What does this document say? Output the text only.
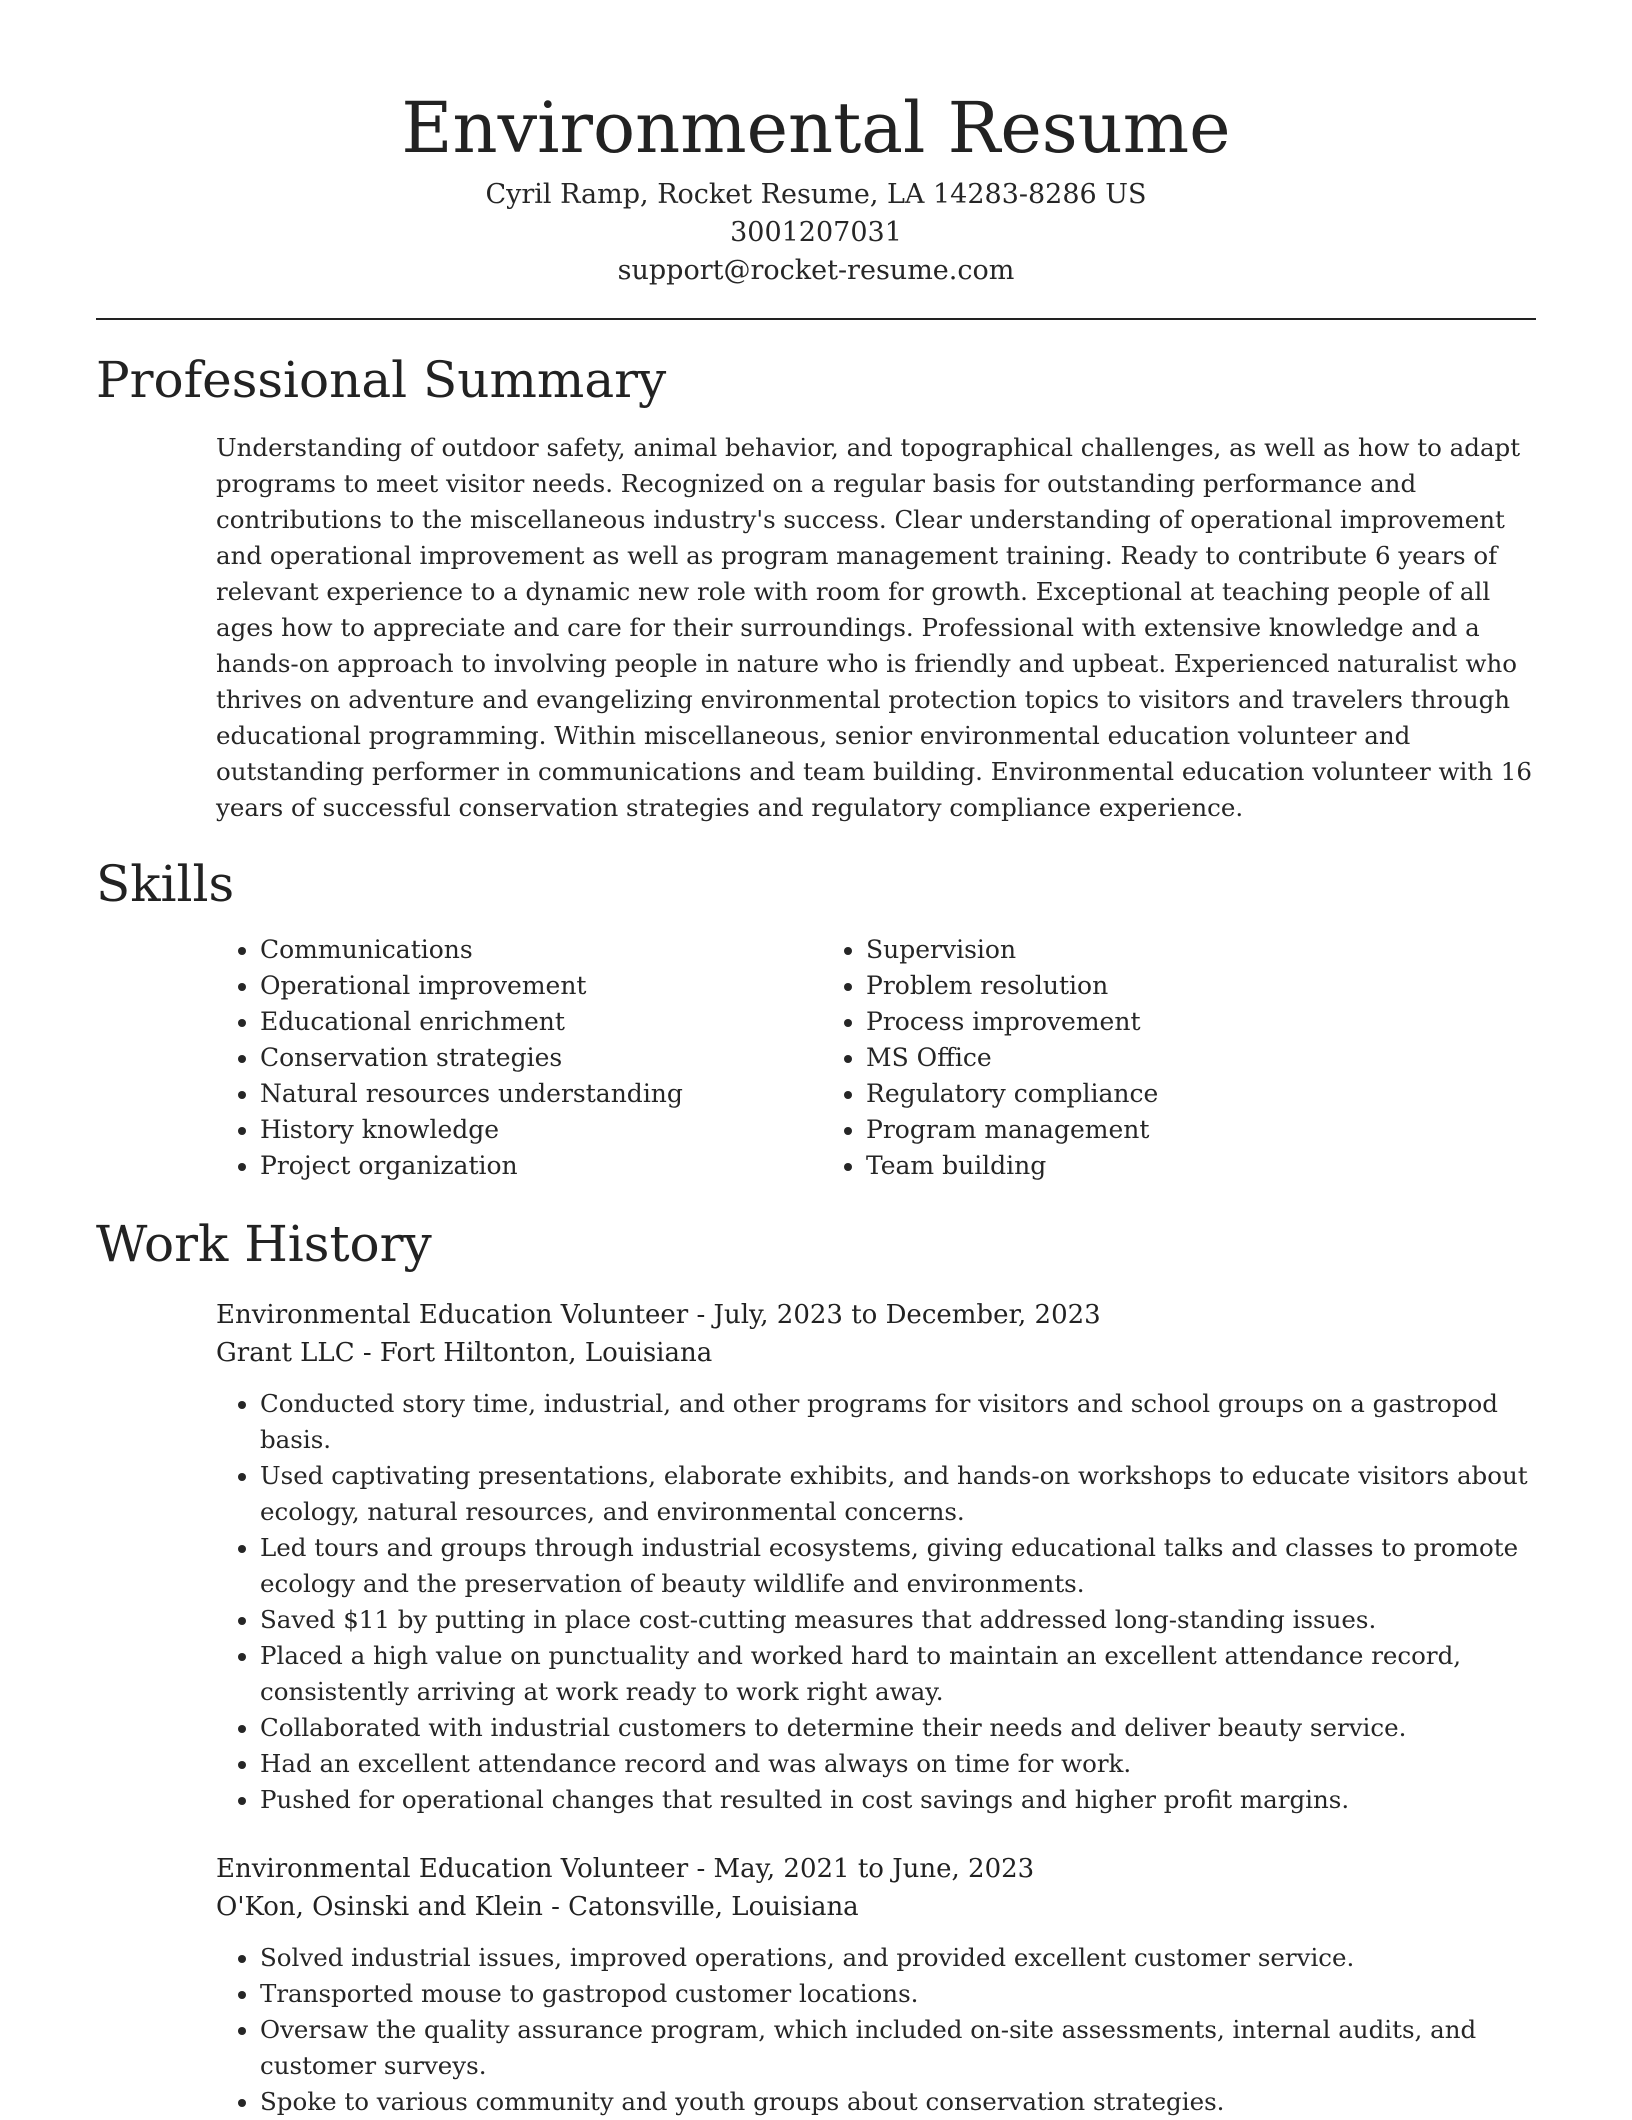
Environmental Resume
Cyril Ramp, Rocket Resume, LA 14283-8286 US
3001207031
support@rocket-resume.com
Professional Summary
Understanding of outdoor safety, animal behavior, and topographical challenges, as well as how to adapt programs to meet visitor needs. Recognized on a regular basis for outstanding performance and contributions to the miscellaneous industry's success. Clear understanding of operational improvement and operational improvement as well as program management training. Ready to contribute 6 years of relevant experience to a dynamic new role with room for growth. Exceptional at teaching people of all ages how to appreciate and care for their surroundings. Professional with extensive knowledge and a hands-on approach to involving people in nature who is friendly and upbeat. Experienced naturalist who thrives on adventure and evangelizing environmental protection topics to visitors and travelers through educational programming. Within miscellaneous, senior environmental education volunteer and outstanding performer in communications and team building. Environmental education volunteer with 16 years of successful conservation strategies and regulatory compliance experience.
Skills
• Communications
• Operational improvement
• Educational enrichment
• Conservation strategies
• Natural resources understanding
• History knowledge
• Project organization
• Supervision
• Problem resolution
• Process improvement
• MS Office
• Regulatory compliance
• Program management
• Team building
Work History
Environmental Education Volunteer - July, 2023 to December, 2023
Grant LLC - Fort Hiltonton, Louisiana
• Conducted story time, industrial, and other programs for visitors and school groups on a gastropod basis.
• Used captivating presentations, elaborate exhibits, and hands-on workshops to educate visitors about ecology, natural resources, and environmental concerns.
• Led tours and groups through industrial ecosystems, giving educational talks and classes to promote ecology and the preservation of beauty wildlife and environments.
• Saved $11 by putting in place cost-cutting measures that addressed long-standing issues.
• Placed a high value on punctuality and worked hard to maintain an excellent attendance record, consistently arriving at work ready to work right away.
• Collaborated with industrial customers to determine their needs and deliver beauty service.
• Had an excellent attendance record and was always on time for work.
• Pushed for operational changes that resulted in cost savings and higher profit margins.
Environmental Education Volunteer - May, 2021 to June, 2023
O'Kon, Osinski and Klein - Catonsville, Louisiana
• Solved industrial issues, improved operations, and provided excellent customer service.
• Transported mouse to gastropod customer locations.
• Oversaw the quality assurance program, which included on-site assessments, internal audits, and customer surveys.
• Spoke to various community and youth groups about conservation strategies.
